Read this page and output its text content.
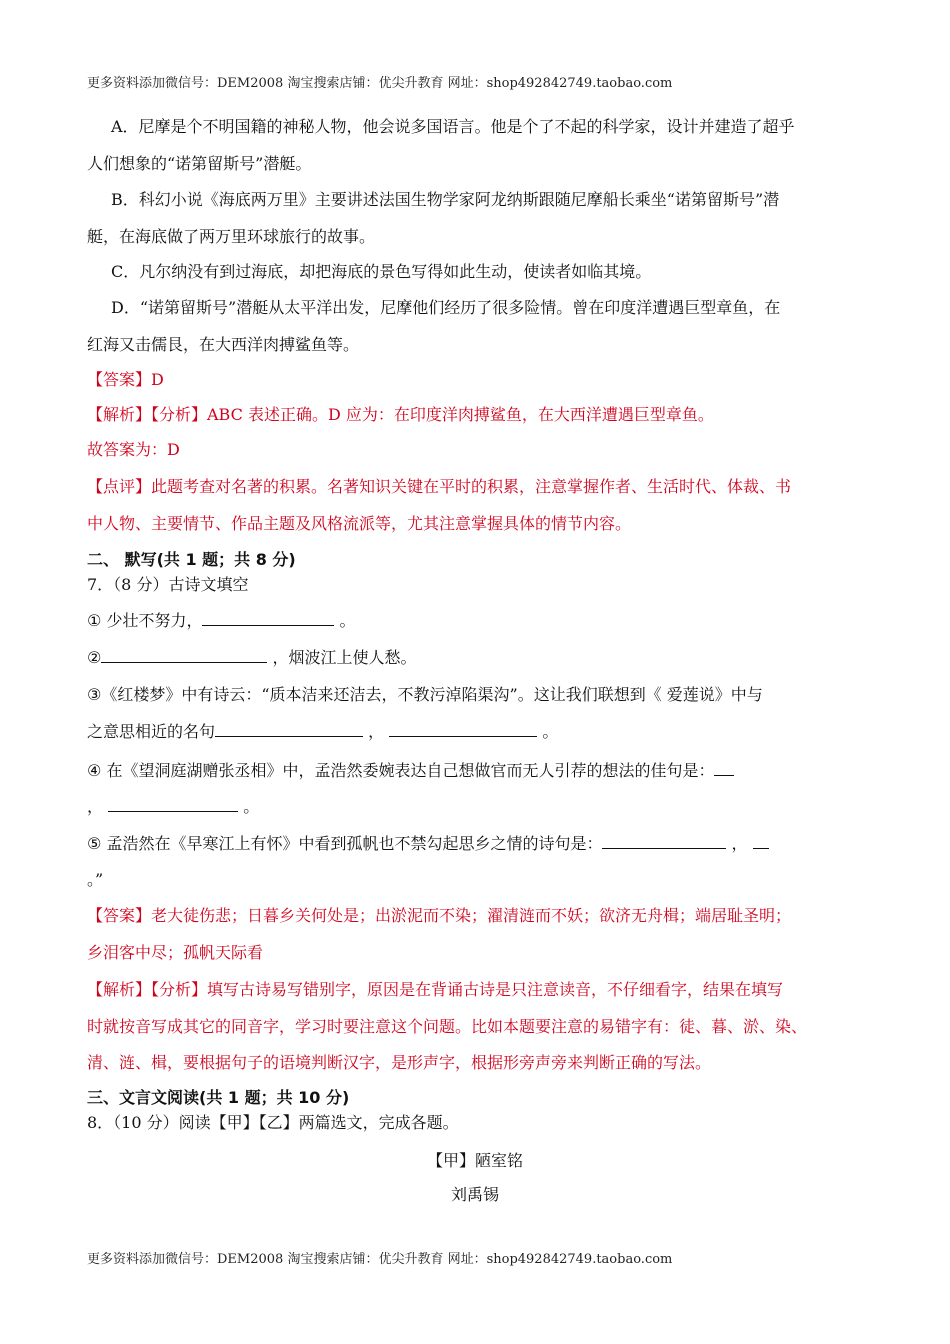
更多资料添加微信号：DEM2008 淘宝搜索店铺：优尖升教育 网址：shop492842749.taobao.com
A．尼摩是个不明国籍的神秘人物，他会说多国语言。他是个了不起的科学家，设计并建造了超乎
人们想象的“诺第留斯号”潜艇。
B．科幻小说《海底两万里》主要讲述法国生物学家阿龙纳斯跟随尼摩船长乘坐“诺第留斯号”潜
艇，在海底做了两万里环球旅行的故事。
C．凡尔纳没有到过海底，却把海底的景色写得如此生动，使读者如临其境。
D．“诺第留斯号”潜艇从太平洋出发，尼摩他们经历了很多险情。曾在印度洋遭遇巨型章鱼，在
红海又击儒艮，在大西洋肉搏鲨鱼等。
【答案】D
【解析】【分析】ABC 表述正确。D 应为：在印度洋肉搏鲨鱼，在大西洋遭遇巨型章鱼。
故答案为：D
【点评】此题考查对名著的积累。名著知识关键在平时的积累，注意掌握作者、生活时代、体裁、书
中人物、主要情节、作品主题及风格流派等，尤其注意掌握具体的情节内容。
二、 默写(共 1 题；共 8 分)
7．（8 分）古诗文填空
① 少壮不努力，	。
②	，烟波江上使人愁。
③《红楼梦》中有诗云：“质本洁来还洁去，不教污淖陷渠沟”。这让我们联想到《 爱莲说》中与
之意思相近的名句	，	。
④ 在《望洞庭湖赠张丞相》中，孟浩然委婉表达自己想做官而无人引荐的想法的佳句是：
，	。
⑤ 孟浩然在《早寒江上有怀》中看到孤帆也不禁勾起思乡之情的诗句是：	，
。”
【答案】老大徒伤悲；日暮乡关何处是；出淤泥而不染；濯清涟而不妖；欲济无舟楫；端居耻圣明；
乡泪客中尽；孤帆天际看
【解析】【分析】填写古诗易写错别字，原因是在背诵古诗是只注意读音，不仔细看字，结果在填写
时就按音写成其它的同音字，学习时要注意这个问题。比如本题要注意的易错字有：徒、暮、淤、染、
清、涟、楫，要根据句子的语境判断汉字，是形声字，根据形旁声旁来判断正确的写法。
三、文言文阅读(共 1 题；共 10 分)
8．（10 分）阅读【甲】【乙】两篇选文，完成各题。
【甲】陋室铭
刘禹锡
更多资料添加微信号：DEM2008 淘宝搜索店铺：优尖升教育 网址：shop492842749.taobao.com
